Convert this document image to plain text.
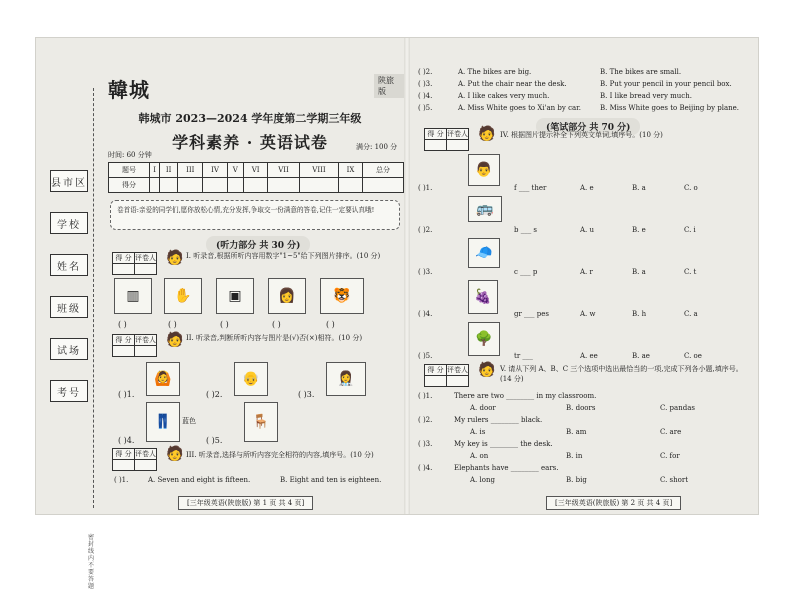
县市区
学校
姓名
班级
试场
考号
密封线内不要答题
韓城	陕旅版
韩城市 2023—2024 学年度第二学期三年级
学科素养 · 英语试卷
时间: 60 分钟
满分: 100 分
题号	I	II	III	IV	V	VI	VII	VIII	IX	总分
得分										
卷首语:亲爱的同学们,愿你放松心情,充分发挥,争取交一份满意的答卷,记住一定要认真哦!
(听力部分 共 30 分)
得 分	评卷人
	🧑 I. 听录音,根据所听内容用数字"1~5"给下列图片排序。(10 分)
▥	✋	▣	👩	🐯
( )	( )	( )	( )	( )
得 分	评卷人
	🧑 II. 听录音,判断所听内容与图片是(√)否(×)相符。(10 分)
🙆
( )1.
👴
( )2.
👩‍⚕️
( )3.
👖	蓝色
( )4.
🪑
( )5.
得 分	评卷人
	🧑 III. 听录音,选择与所听内容完全相符的内容,填序号。(10 分)
( )1.	A. Seven and eight is fifteen.	B. Eight and ten is eighteen.
[三年级英语(陕旅版) 第 1 页 共 4 页]
( )2.	A. The bikes are big.	B. The bikes are small.
( )3.	A. Put the chair near the desk.	B. Put your pencil in your pencil box.
( )4.	A. I like cakes very much.	B. I like bread very much.
( )5.	A. Miss White goes to Xi'an by car.	B. Miss White goes to Beijing by plane.
(笔试部分 共 70 分)
得 分	评卷人
	🧑 IV. 根据图片提示补全下列英文单词,填序号。(10 分)
👨
( )1.	f ___ ther	A. e	B. a	C. o
🚌
( )2.	b ___ s	A. u	B. e	C. i
🧢
( )3.	c ___ p	A. r	B. a	C. t
🍇
( )4.	gr ___ pes	A. w	B. h	C. a
🌳
( )5.	tr ___	A. ee	B. ae	C. oe
得 分	评卷人
	🧑 V. 请从下列 A、B、C 三个选项中选出最恰当的一项,完成下列各小题,填序号。(14 分)
( )1.	There are two ________ in my classroom.
A. door	B. doors	C. pandas
( )2.	My rulers ________ black.
A. is	B. am	C. are
( )3.	My key is ________ the desk.
A. on	B. in	C. for
( )4.	Elephants have ________ ears.
A. long	B. big	C. short
[三年级英语(陕旅版) 第 2 页 共 4 页]
